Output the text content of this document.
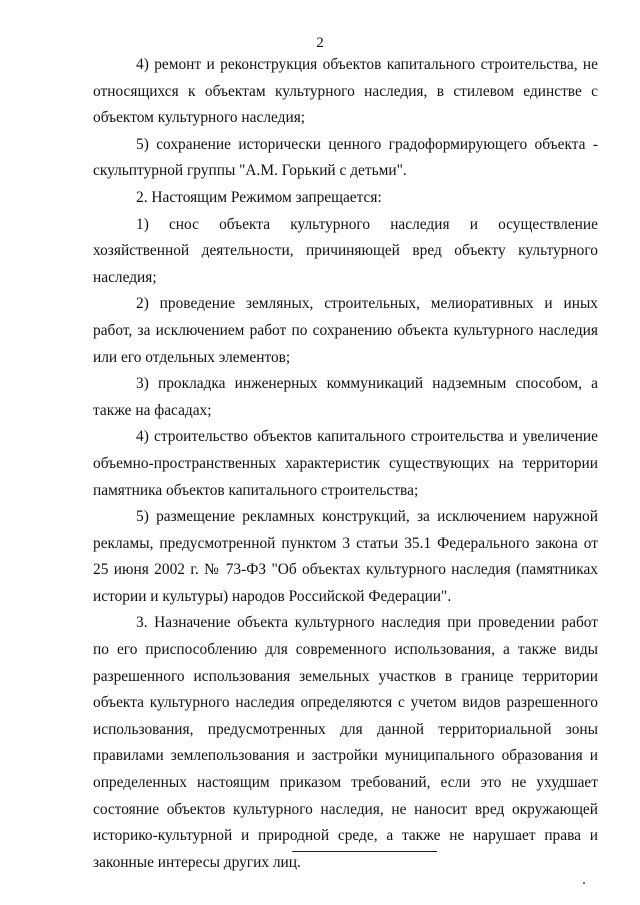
2

4) ремонт и реконструкция объектов капитального строительства, не относящихся к объектам культурного наследия, в стилевом единстве с объектом культурного наследия;

5) сохранение исторически ценного градоформирующего объекта - скульптурной группы "А.М. Горький с детьми".

2. Настоящим Режимом запрещается:

1) снос объекта культурного наследия и осуществление хозяйственной деятельности, причиняющей вред объекту культурного наследия;

2) проведение земляных, строительных, мелиоративных и иных работ, за исключением работ по сохранению объекта культурного наследия или его отдельных элементов;

3) прокладка инженерных коммуникаций надземным способом, а также на фасадах;

4) строительство объектов капитального строительства и увеличение объемно-пространственных характеристик существующих на территории памятника объектов капитального строительства;

5) размещение рекламных конструкций, за исключением наружной рекламы, предусмотренной пунктом 3 статьи 35.1 Федерального закона от 25 июня 2002 г. № 73-ФЗ "Об объектах культурного наследия (памятниках истории и культуры) народов Российской Федерации".

3. Назначение объекта культурного наследия при проведении работ по его приспособлению для современного использования, а также виды разрешенного использования земельных участков в границе территории объекта культурного наследия определяются с учетом видов разрешенного использования, предусмотренных для данной территориальной зоны правилами землепользования и застройки муниципального образования и определенных настоящим приказом требований, если это не ухудшает состояние объектов культурного наследия, не наносит вред окружающей историко-культурной и природной среде, а также не нарушает права и законные интересы других лиц.
